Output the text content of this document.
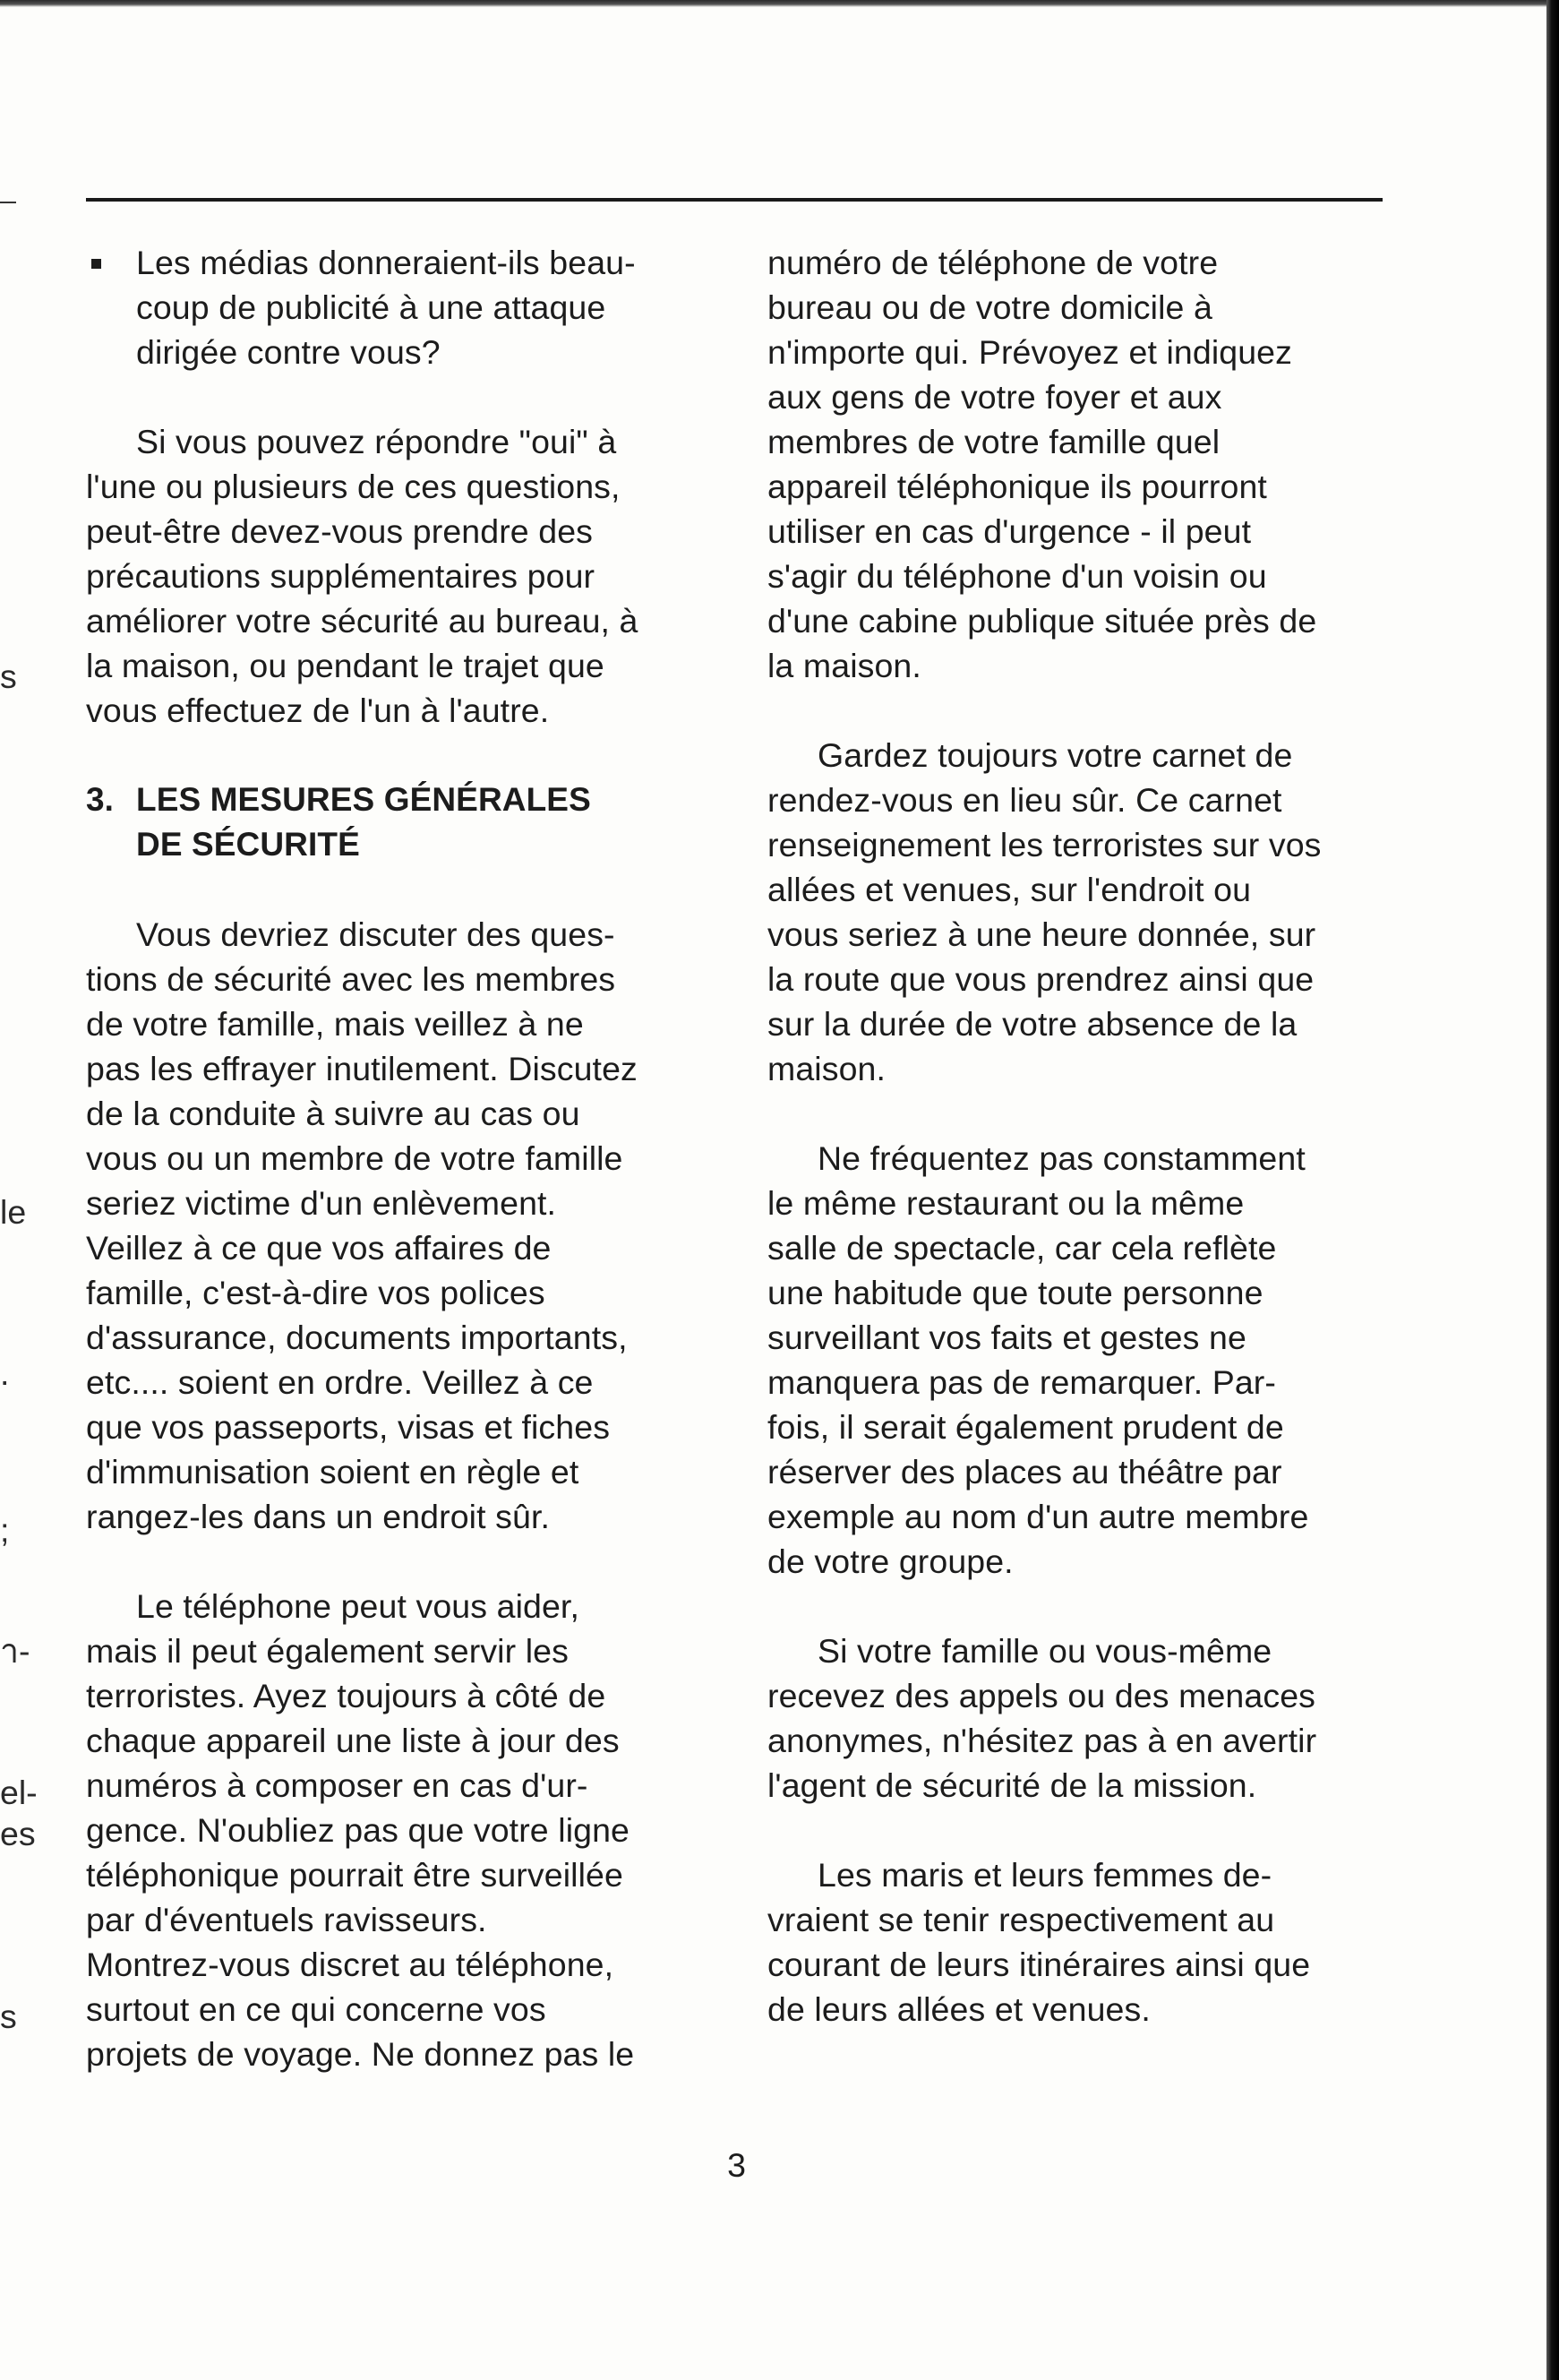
Les médias donneraient-ils beau-
coup de publicité à une attaque
dirigée contre vous?
Si vous pouvez répondre "oui" à
l'une ou plusieurs de ces questions,
peut-être devez-vous prendre des
précautions supplémentaires pour
améliorer votre sécurité au bureau, à
la maison, ou pendant le trajet que
vous effectuez de l'un à l'autre.
3. LES MESURES GÉNÉRALES
DE SÉCURITÉ
Vous devriez discuter des ques-
tions de sécurité avec les membres
de votre famille, mais veillez à ne
pas les effrayer inutilement. Discutez
de la conduite à suivre au cas ou
vous ou un membre de votre famille
seriez victime d'un enlèvement.
Veillez à ce que vos affaires de
famille, c'est-à-dire vos polices
d'assurance, documents importants,
etc.... soient en ordre. Veillez à ce
que vos passeports, visas et fiches
d'immunisation soient en règle et
rangez-les dans un endroit sûr.
Le téléphone peut vous aider,
mais il peut également servir les
terroristes. Ayez toujours à côté de
chaque appareil une liste à jour des
numéros à composer en cas d'ur-
gence. N'oubliez pas que votre ligne
téléphonique pourrait être surveillée
par d'éventuels ravisseurs.
Montrez-vous discret au téléphone,
surtout en ce qui concerne vos
projets de voyage. Ne donnez pas le
numéro de téléphone de votre
bureau ou de votre domicile à
n'importe qui. Prévoyez et indiquez
aux gens de votre foyer et aux
membres de votre famille quel
appareil téléphonique ils pourront
utiliser en cas d'urgence - il peut
s'agir du téléphone d'un voisin ou
d'une cabine publique située près de
la maison.
Gardez toujours votre carnet de
rendez-vous en lieu sûr. Ce carnet
renseignement les terroristes sur vos
allées et venues, sur l'endroit ou
vous seriez à une heure donnée, sur
la route que vous prendrez ainsi que
sur la durée de votre absence de la
maison.
Ne fréquentez pas constamment
le même restaurant ou la même
salle de spectacle, car cela reflète
une habitude que toute personne
surveillant vos faits et gestes ne
manquera pas de remarquer. Par-
fois, il serait également prudent de
réserver des places au théâtre par
exemple au nom d'un autre membre
de votre groupe.
Si votre famille ou vous-même
recevez des appels ou des menaces
anonymes, n'hésitez pas à en avertir
l'agent de sécurité de la mission.
Les maris et leurs femmes de-
vraient se tenir respectivement au
courant de leurs itinéraires ainsi que
de leurs allées et venues.
s
le
.
;
า-
el-
es
s
3
